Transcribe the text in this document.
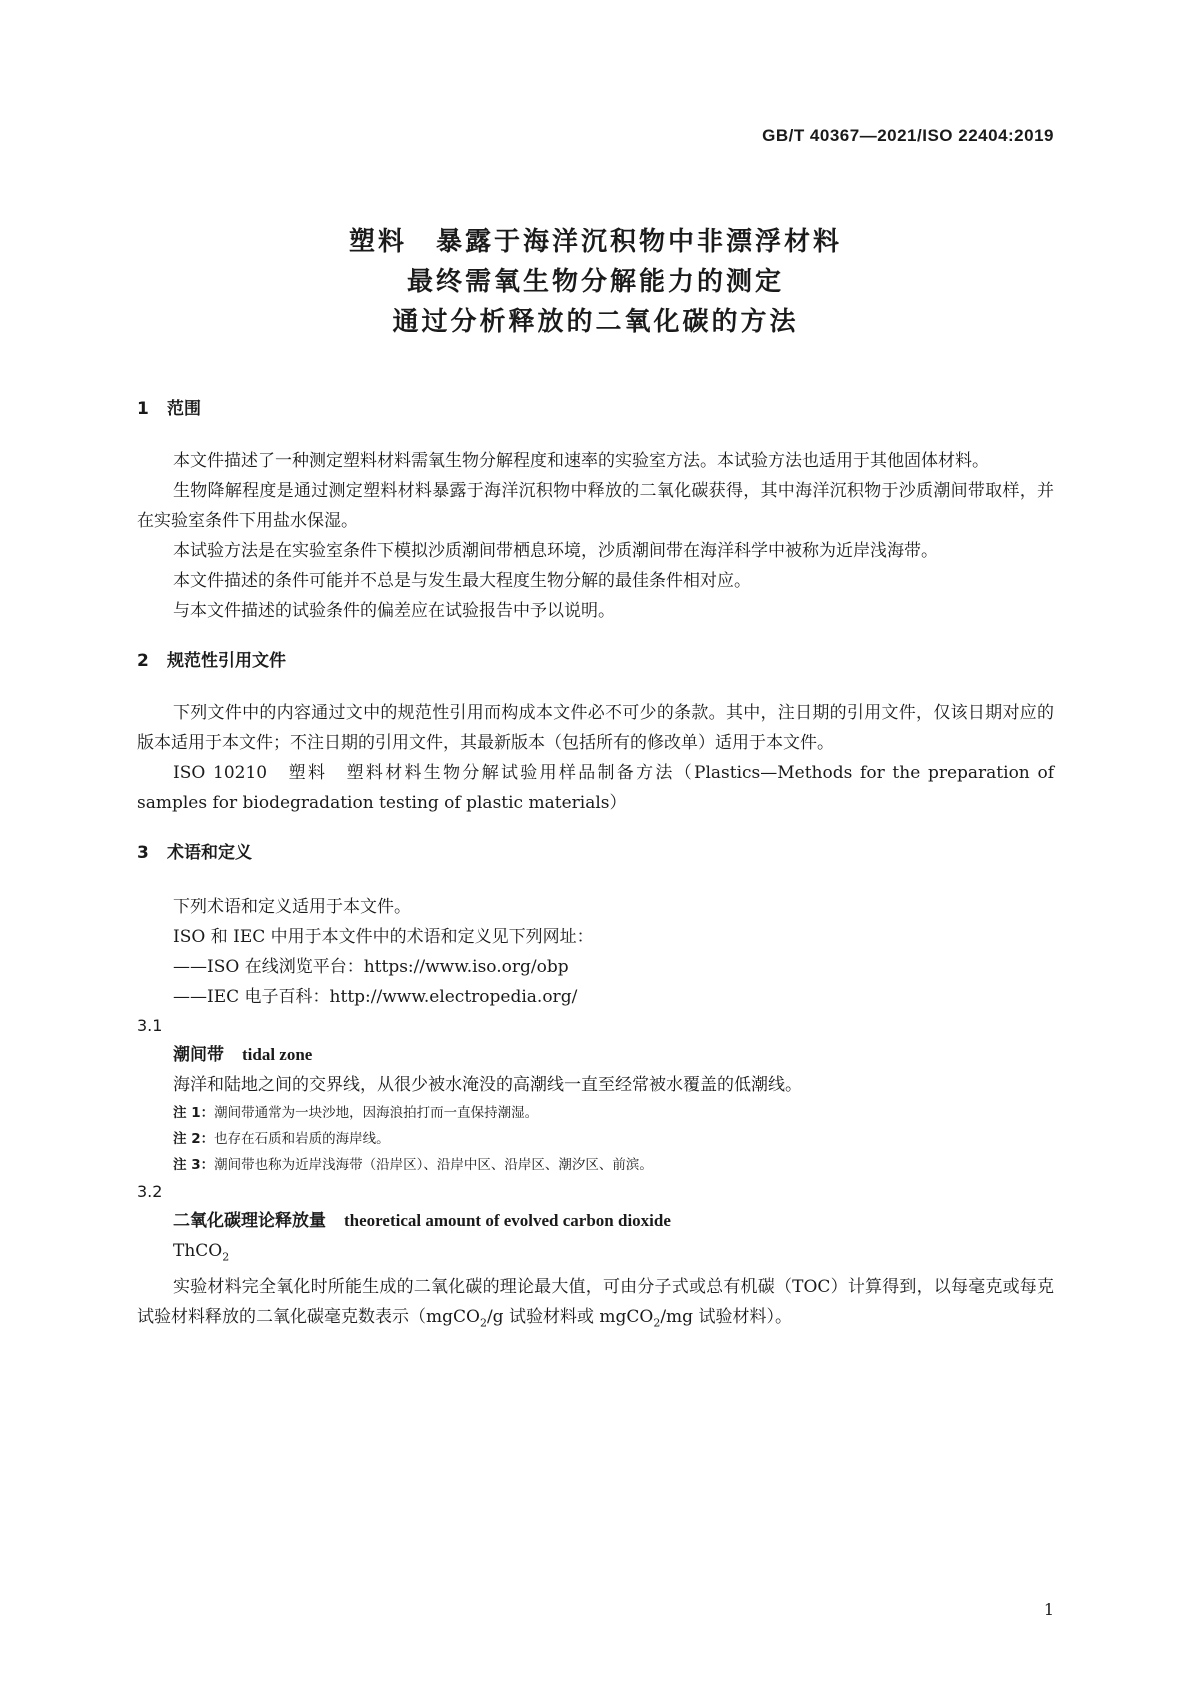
GB/T 40367—2021/ISO 22404:2019
塑料　暴露于海洋沉积物中非漂浮材料
最终需氧生物分解能力的测定
通过分析释放的二氧化碳的方法

1 范围

本文件描述了一种测定塑料材料需氧生物分解程度和速率的实验室方法。本试验方法也适用于其他固体材料。

生物降解程度是通过测定塑料材料暴露于海洋沉积物中释放的二氧化碳获得，其中海洋沉积物于沙质潮间带取样，并在实验室条件下用盐水保湿。

本试验方法是在实验室条件下模拟沙质潮间带栖息环境，沙质潮间带在海洋科学中被称为近岸浅海带。

本文件描述的条件可能并不总是与发生最大程度生物分解的最佳条件相对应。

与本文件描述的试验条件的偏差应在试验报告中予以说明。

2 规范性引用文件

下列文件中的内容通过文中的规范性引用而构成本文件必不可少的条款。其中，注日期的引用文件，仅该日期对应的版本适用于本文件；不注日期的引用文件，其最新版本（包括所有的修改单）适用于本文件。

ISO 10210　塑料　塑料材料生物分解试验用样品制备方法（Plastics—Methods for the preparation of samples for biodegradation testing of plastic materials）

3 术语和定义

下列术语和定义适用于本文件。

ISO 和 IEC 中用于本文件中的术语和定义见下列网址：

——ISO 在线浏览平台：https://www.iso.org/obp

——IEC 电子百科：http://www.electropedia.org/

3.1

潮间带 tidal zone

海洋和陆地之间的交界线，从很少被水淹没的高潮线一直至经常被水覆盖的低潮线。

注 1：潮间带通常为一块沙地，因海浪拍打而一直保持潮湿。

注 2：也存在石质和岩质的海岸线。

注 3：潮间带也称为近岸浅海带（沿岸区）、沿岸中区、沿岸区、潮汐区、前滨。

3.2

二氧化碳理论释放量 theoretical amount of evolved carbon dioxide

ThCO$_2$

实验材料完全氧化时所能生成的二氧化碳的理论最大值，可由分子式或总有机碳（TOC）计算得到，以每毫克或每克试验材料释放的二氧化碳毫克数表示（mgCO$_2$/g 试验材料或 mgCO$_2$/mg 试验材料）。

1
